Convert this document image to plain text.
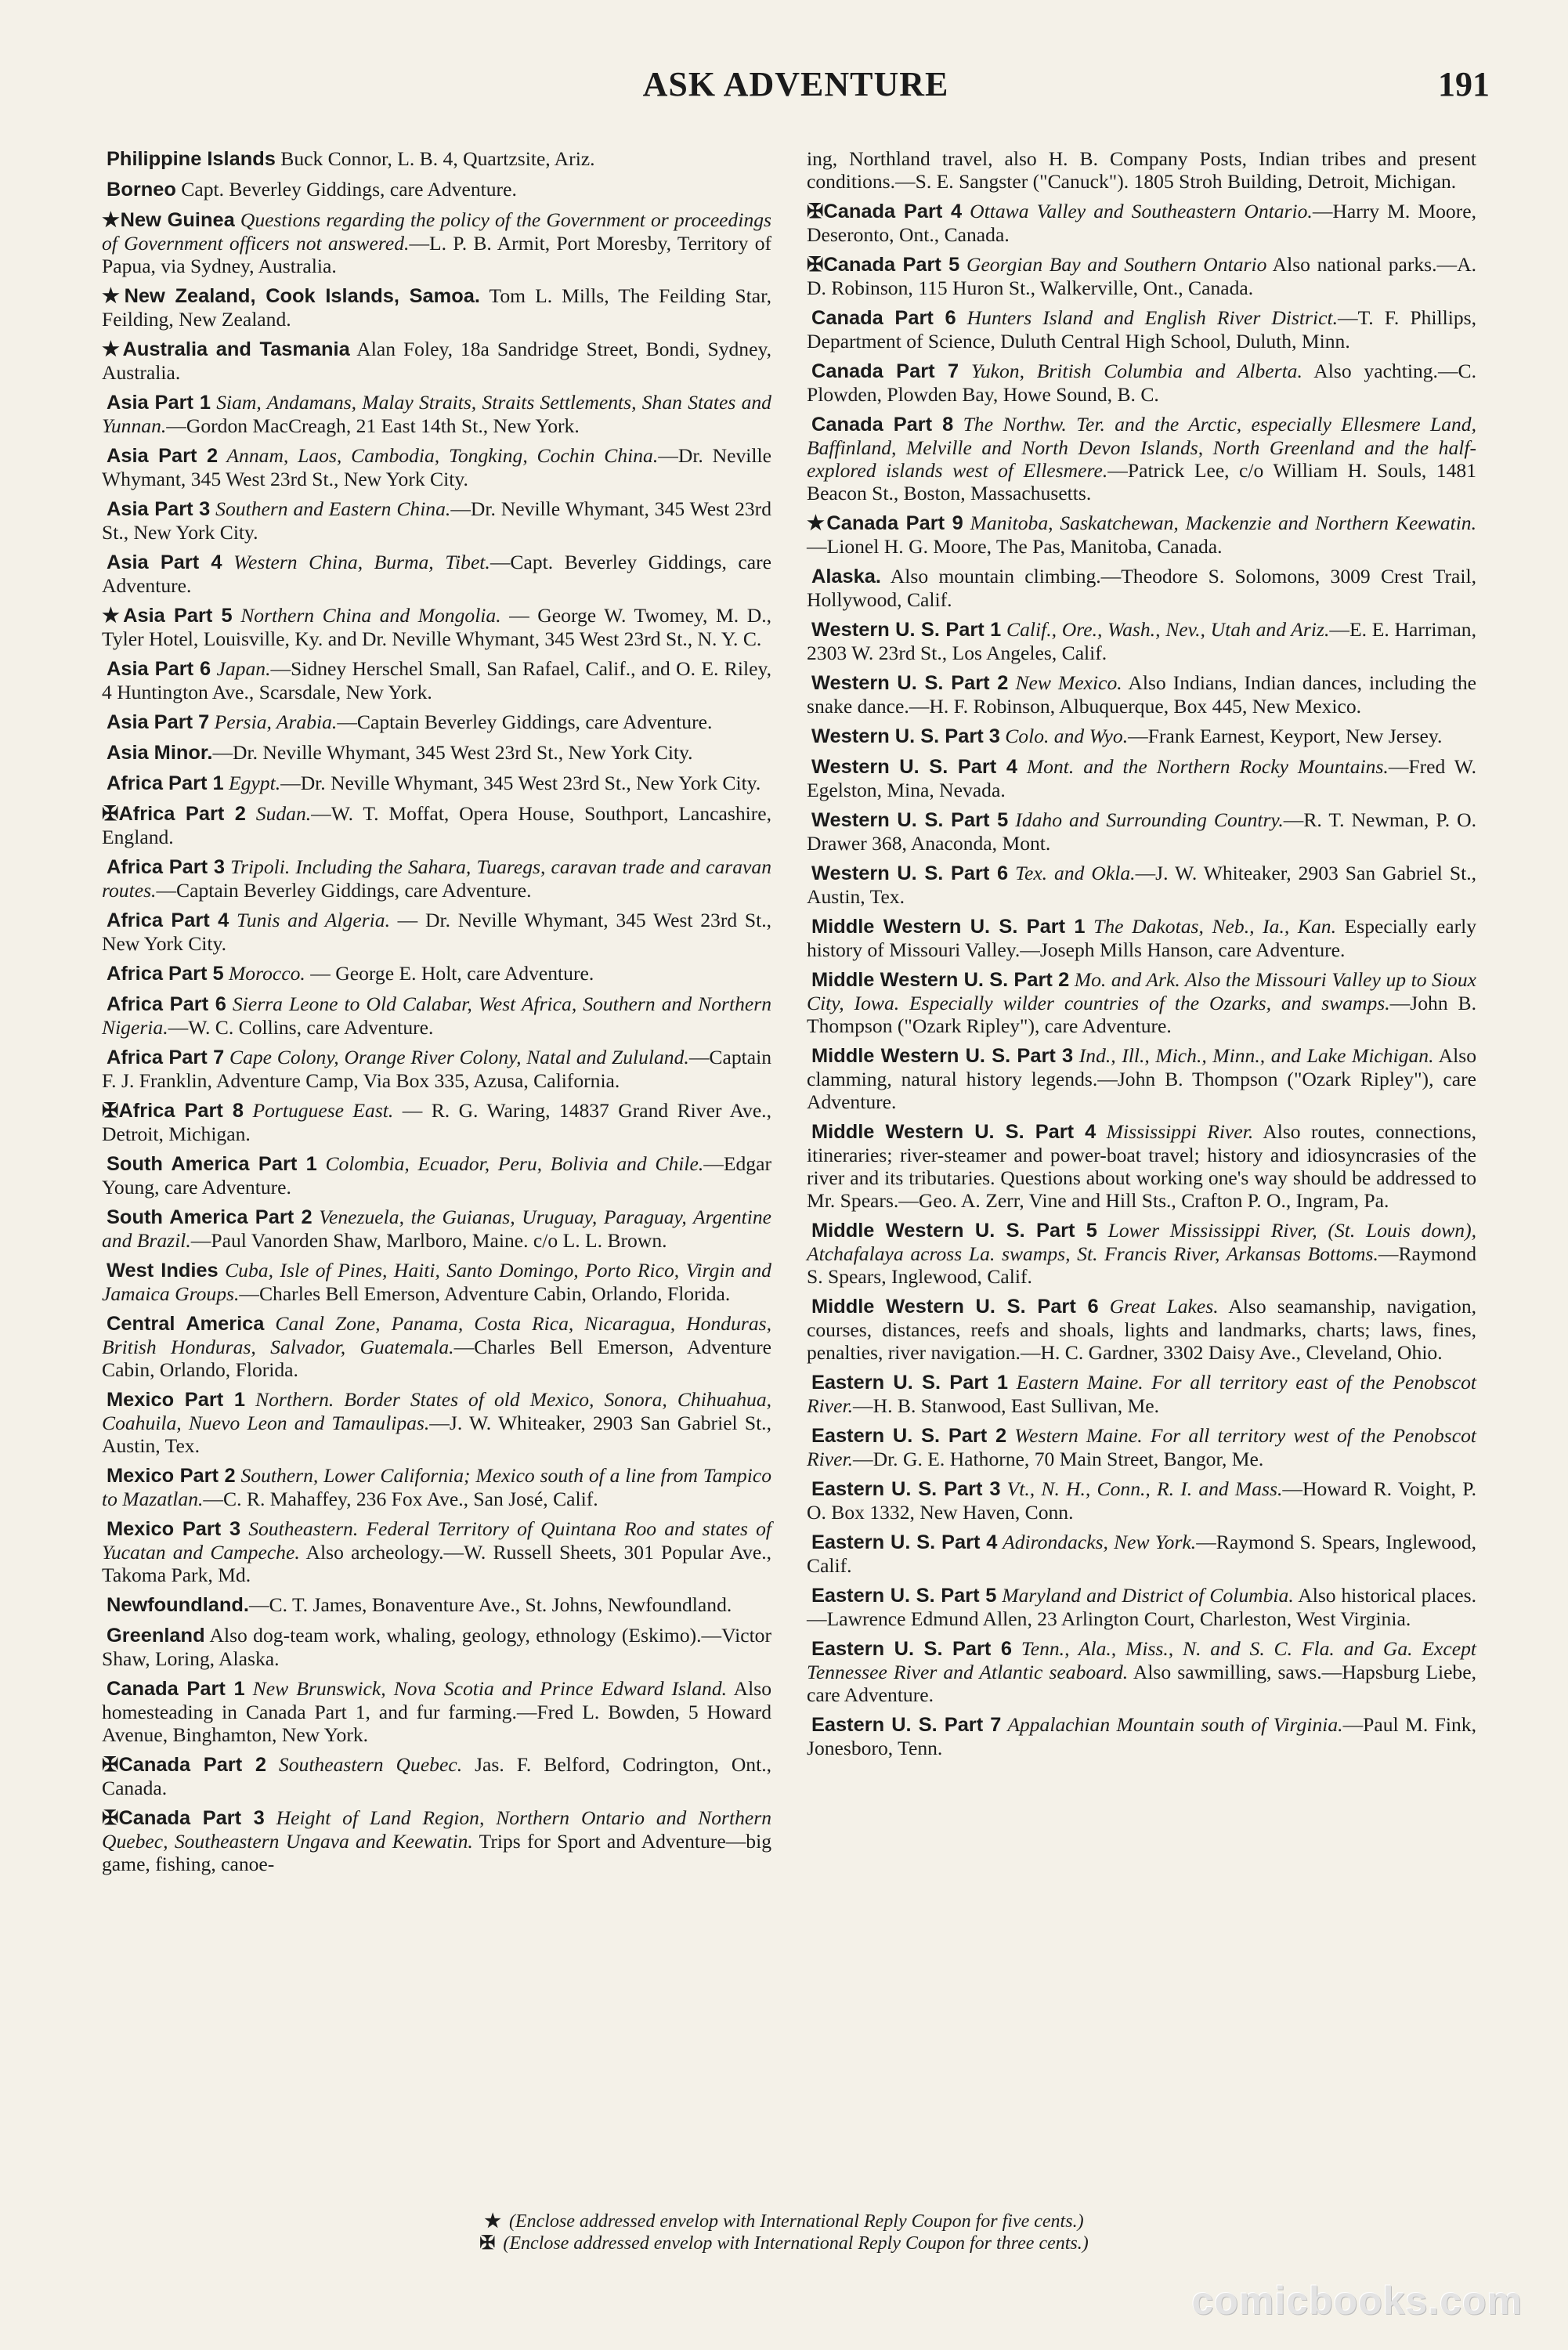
ASK ADVENTURE	191

Philippine Islands Buck Connor, L. B. 4, Quartzsite, Ariz.

Borneo Capt. Beverley Giddings, care Adventure.

★New Guinea Questions regarding the policy of the Government or proceedings of Government officers not answered.—L. P. B. Armit, Port Moresby, Territory of Papua, via Sydney, Australia.

★New Zealand, Cook Islands, Samoa. Tom L. Mills, The Feilding Star, Feilding, New Zealand.

★Australia and Tasmania Alan Foley, 18a Sandridge Street, Bondi, Sydney, Australia.

Asia Part 1 Siam, Andamans, Malay Straits, Straits Settlements, Shan States and Yunnan.—Gordon MacCreagh, 21 East 14th St., New York.

Asia Part 2 Annam, Laos, Cambodia, Tongking, Cochin China.—Dr. Neville Whymant, 345 West 23rd St., New York City.

Asia Part 3 Southern and Eastern China.—Dr. Neville Whymant, 345 West 23rd St., New York City.

Asia Part 4 Western China, Burma, Tibet.—Capt. Beverley Giddings, care Adventure.

★Asia Part 5 Northern China and Mongolia. — George W. Twomey, M. D., Tyler Hotel, Louisville, Ky. and Dr. Neville Whymant, 345 West 23rd St., N. Y. C.

Asia Part 6 Japan.—Sidney Herschel Small, San Rafael, Calif., and O. E. Riley, 4 Huntington Ave., Scarsdale, New York.

Asia Part 7 Persia, Arabia.—Captain Beverley Giddings, care Adventure.

Asia Minor.—Dr. Neville Whymant, 345 West 23rd St., New York City.

Africa Part 1 Egypt.—Dr. Neville Whymant, 345 West 23rd St., New York City.

✠Africa Part 2 Sudan.—W. T. Moffat, Opera House, Southport, Lancashire, England.

Africa Part 3 Tripoli. Including the Sahara, Tuaregs, caravan trade and caravan routes.—Captain Beverley Giddings, care Adventure.

Africa Part 4 Tunis and Algeria. — Dr. Neville Whymant, 345 West 23rd St., New York City.

Africa Part 5 Morocco. — George E. Holt, care Adventure.

Africa Part 6 Sierra Leone to Old Calabar, West Africa, Southern and Northern Nigeria.—W. C. Collins, care Adventure.

Africa Part 7 Cape Colony, Orange River Colony, Natal and Zululand.—Captain F. J. Franklin, Adventure Camp, Via Box 335, Azusa, California.

✠Africa Part 8 Portuguese East. — R. G. Waring, 14837 Grand River Ave., Detroit, Michigan.

South America Part 1 Colombia, Ecuador, Peru, Bolivia and Chile.—Edgar Young, care Adventure.

South America Part 2 Venezuela, the Guianas, Uruguay, Paraguay, Argentine and Brazil.—Paul Vanorden Shaw, Marlboro, Maine. c/o L. L. Brown.

West Indies Cuba, Isle of Pines, Haiti, Santo Domingo, Porto Rico, Virgin and Jamaica Groups.—Charles Bell Emerson, Adventure Cabin, Orlando, Florida.

Central America Canal Zone, Panama, Costa Rica, Nicaragua, Honduras, British Honduras, Salvador, Guatemala.—Charles Bell Emerson, Adventure Cabin, Orlando, Florida.

Mexico Part 1 Northern. Border States of old Mexico, Sonora, Chihuahua, Coahuila, Nuevo Leon and Tamaulipas.—J. W. Whiteaker, 2903 San Gabriel St., Austin, Tex.

Mexico Part 2 Southern, Lower California; Mexico south of a line from Tampico to Mazatlan.—C. R. Mahaffey, 236 Fox Ave., San José, Calif.

Mexico Part 3 Southeastern. Federal Territory of Quintana Roo and states of Yucatan and Campeche. Also archeology.—W. Russell Sheets, 301 Popular Ave., Takoma Park, Md.

Newfoundland.—C. T. James, Bonaventure Ave., St. Johns, Newfoundland.

Greenland Also dog-team work, whaling, geology, ethnology (Eskimo).—Victor Shaw, Loring, Alaska.

Canada Part 1 New Brunswick, Nova Scotia and Prince Edward Island. Also homesteading in Canada Part 1, and fur farming.—Fred L. Bowden, 5 Howard Avenue, Binghamton, New York.

✠Canada Part 2 Southeastern Quebec. Jas. F. Belford, Codrington, Ont., Canada.

✠Canada Part 3 Height of Land Region, Northern Ontario and Northern Quebec, Southeastern Ungava and Keewatin. Trips for Sport and Adventure—big game, fishing, canoe-

ing, Northland travel, also H. B. Company Posts, Indian tribes and present conditions.—S. E. Sangster ("Canuck"). 1805 Stroh Building, Detroit, Michigan.

✠Canada Part 4 Ottawa Valley and Southeastern Ontario.—Harry M. Moore, Deseronto, Ont., Canada.

✠Canada Part 5 Georgian Bay and Southern Ontario Also national parks.—A. D. Robinson, 115 Huron St., Walkerville, Ont., Canada.

Canada Part 6 Hunters Island and English River District.—T. F. Phillips, Department of Science, Duluth Central High School, Duluth, Minn.

Canada Part 7 Yukon, British Columbia and Alberta. Also yachting.—C. Plowden, Plowden Bay, Howe Sound, B. C.

Canada Part 8 The Northw. Ter. and the Arctic, especially Ellesmere Land, Baffinland, Melville and North Devon Islands, North Greenland and the half-explored islands west of Ellesmere.—Patrick Lee, c/o William H. Souls, 1481 Beacon St., Boston, Massachusetts.

★Canada Part 9 Manitoba, Saskatchewan, Mackenzie and Northern Keewatin.—Lionel H. G. Moore, The Pas, Manitoba, Canada.

Alaska. Also mountain climbing.—Theodore S. Solomons, 3009 Crest Trail, Hollywood, Calif.

Western U. S. Part 1 Calif., Ore., Wash., Nev., Utah and Ariz.—E. E. Harriman, 2303 W. 23rd St., Los Angeles, Calif.

Western U. S. Part 2 New Mexico. Also Indians, Indian dances, including the snake dance.—H. F. Robinson, Albuquerque, Box 445, New Mexico.

Western U. S. Part 3 Colo. and Wyo.—Frank Earnest, Keyport, New Jersey.

Western U. S. Part 4 Mont. and the Northern Rocky Mountains.—Fred W. Egelston, Mina, Nevada.

Western U. S. Part 5 Idaho and Surrounding Country.—R. T. Newman, P. O. Drawer 368, Anaconda, Mont.

Western U. S. Part 6 Tex. and Okla.—J. W. Whiteaker, 2903 San Gabriel St., Austin, Tex.

Middle Western U. S. Part 1 The Dakotas, Neb., Ia., Kan. Especially early history of Missouri Valley.—Joseph Mills Hanson, care Adventure.

Middle Western U. S. Part 2 Mo. and Ark. Also the Missouri Valley up to Sioux City, Iowa. Especially wilder countries of the Ozarks, and swamps.—John B. Thompson ("Ozark Ripley"), care Adventure.

Middle Western U. S. Part 3 Ind., Ill., Mich., Minn., and Lake Michigan. Also clamming, natural history legends.—John B. Thompson ("Ozark Ripley"), care Adventure.

Middle Western U. S. Part 4 Mississippi River. Also routes, connections, itineraries; river-steamer and power-boat travel; history and idiosyncrasies of the river and its tributaries. Questions about working one's way should be addressed to Mr. Spears.—Geo. A. Zerr, Vine and Hill Sts., Crafton P. O., Ingram, Pa.

Middle Western U. S. Part 5 Lower Mississippi River, (St. Louis down), Atchafalaya across La. swamps, St. Francis River, Arkansas Bottoms.—Raymond S. Spears, Inglewood, Calif.

Middle Western U. S. Part 6 Great Lakes. Also seamanship, navigation, courses, distances, reefs and shoals, lights and landmarks, charts; laws, fines, penalties, river navigation.—H. C. Gardner, 3302 Daisy Ave., Cleveland, Ohio.

Eastern U. S. Part 1 Eastern Maine. For all territory east of the Penobscot River.—H. B. Stanwood, East Sullivan, Me.

Eastern U. S. Part 2 Western Maine. For all territory west of the Penobscot River.—Dr. G. E. Hathorne, 70 Main Street, Bangor, Me.

Eastern U. S. Part 3 Vt., N. H., Conn., R. I. and Mass.—Howard R. Voight, P. O. Box 1332, New Haven, Conn.

Eastern U. S. Part 4 Adirondacks, New York.—Raymond S. Spears, Inglewood, Calif.

Eastern U. S. Part 5 Maryland and District of Columbia. Also historical places.—Lawrence Edmund Allen, 23 Arlington Court, Charleston, West Virginia.

Eastern U. S. Part 6 Tenn., Ala., Miss., N. and S. C. Fla. and Ga. Except Tennessee River and Atlantic seaboard. Also sawmilling, saws.—Hapsburg Liebe, care Adventure.

Eastern U. S. Part 7 Appalachian Mountain south of Virginia.—Paul M. Fink, Jonesboro, Tenn.

★ (Enclose addressed envelop with International Reply Coupon for five cents.)
✠ (Enclose addressed envelop with International Reply Coupon for three cents.)
comicbooks.com
